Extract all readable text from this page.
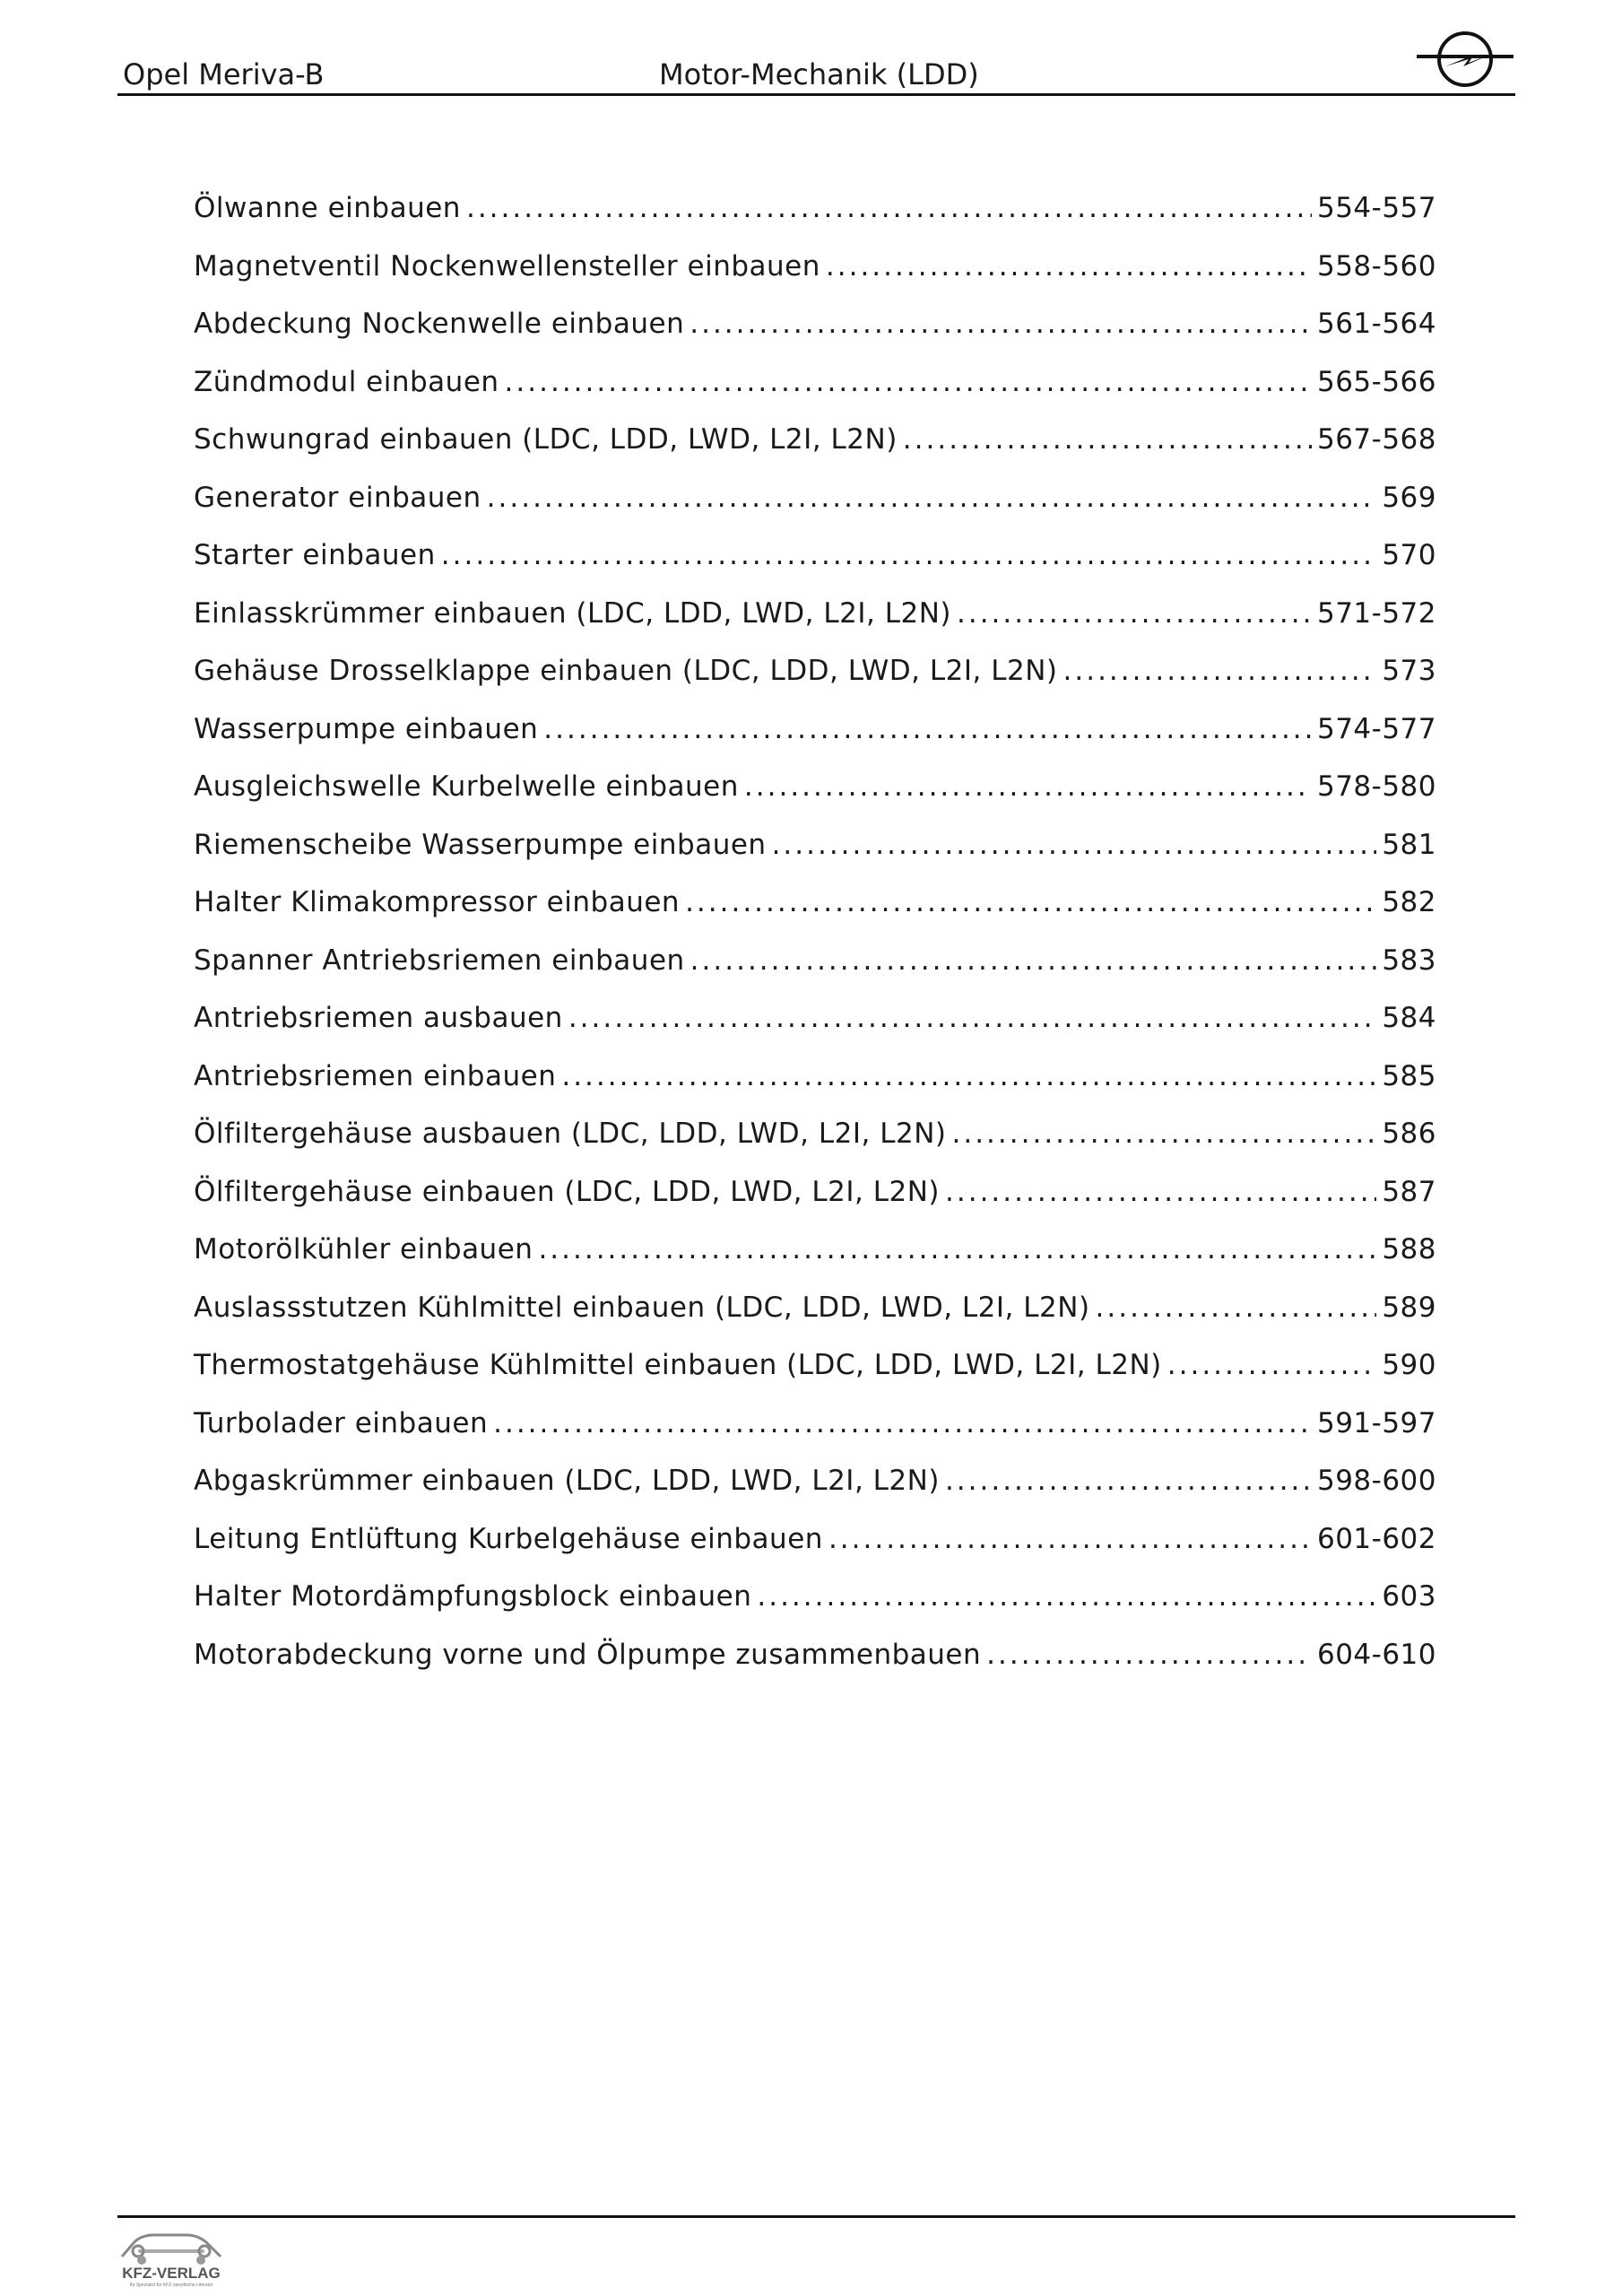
Opel Meriva-B	Motor-Mechanik (LDD)
Ölwanne einbauen .....	554-557
Magnetventil Nockenwellensteller einbauen .....	558-560
Abdeckung Nockenwelle einbauen .....	561-564
Zündmodul einbauen .....	565-566
Schwungrad einbauen (LDC, LDD, LWD, L2I, L2N) .....	567-568
Generator einbauen .....	569
Starter einbauen .....	570
Einlasskrümmer einbauen (LDC, LDD, LWD, L2I, L2N) .....	571-572
Gehäuse Drosselklappe einbauen (LDC, LDD, LWD, L2I, L2N) .....	573
Wasserpumpe einbauen .....	574-577
Ausgleichswelle Kurbelwelle einbauen .....	578-580
Riemenscheibe Wasserpumpe einbauen .....	581
Halter Klimakompressor einbauen .....	582
Spanner Antriebsriemen einbauen .....	583
Antriebsriemen ausbauen .....	584
Antriebsriemen einbauen .....	585
Ölfiltergehäuse ausbauen (LDC, LDD, LWD, L2I, L2N) .....	586
Ölfiltergehäuse einbauen (LDC, LDD, LWD, L2I, L2N) .....	587
Motorölkühler einbauen .....	588
Auslassstutzen Kühlmittel einbauen (LDC, LDD, LWD, L2I, L2N) .....	589
Thermostatgehäuse Kühlmittel einbauen (LDC, LDD, LWD, L2I, L2N) .....	590
Turbolader einbauen .....	591-597
Abgaskrümmer einbauen (LDC, LDD, LWD, L2I, L2N) .....	598-600
Leitung Entlüftung Kurbelgehäuse einbauen .....	601-602
Halter Motordämpfungsblock einbauen .....	603
Motorabdeckung vorne und Ölpumpe zusammenbauen .....	604-610
KFZ-VERLAG
Ihr Spezialist für KFZ-spezifische Literatur
